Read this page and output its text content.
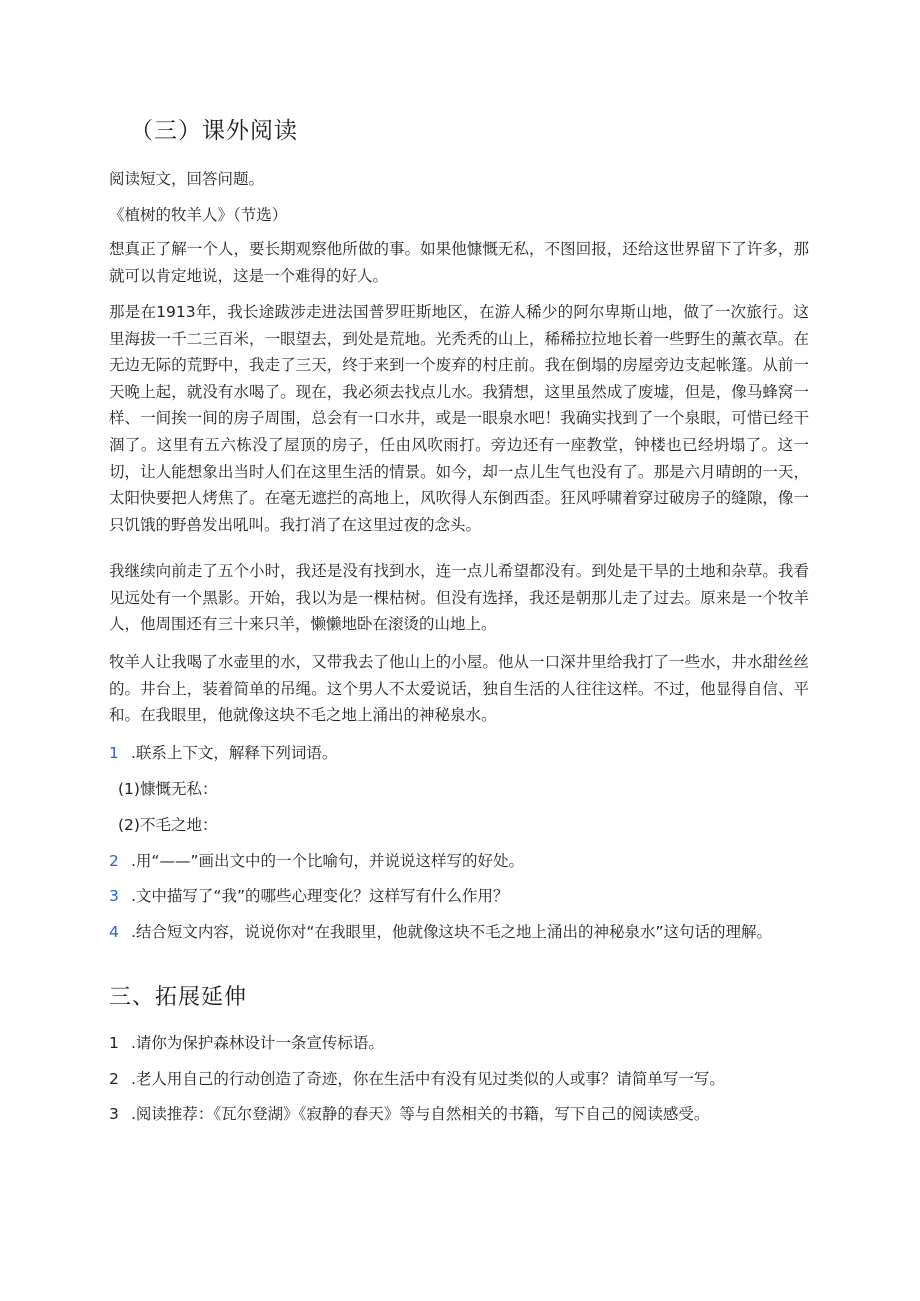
（三）课外阅读
阅读短文，回答问题。
《植树的牧羊人》（节选）
想真正了解一个人，要长期观察他所做的事。如果他慷慨无私，不图回报，还给这世界留下了许多，那就可以肯定地说，这是一个难得的好人。
那是在1913年，我长途跋涉走进法国普罗旺斯地区，在游人稀少的阿尔卑斯山地，做了一次旅行。这里海拔一千二三百米，一眼望去，到处是荒地。光秃秃的山上，稀稀拉拉地长着一些野生的薰衣草。在无边无际的荒野中，我走了三天，终于来到一个废弃的村庄前。我在倒塌的房屋旁边支起帐篷。从前一天晚上起，就没有水喝了。现在，我必须去找点儿水。我猜想，这里虽然成了废墟，但是，像马蜂窝一样、一间挨一间的房子周围，总会有一口水井，或是一眼泉水吧！我确实找到了一个泉眼，可惜已经干涸了。这里有五六栋没了屋顶的房子，任由风吹雨打。旁边还有一座教堂，钟楼也已经坍塌了。这一切，让人能想象出当时人们在这里生活的情景。如今，却一点儿生气也没有了。那是六月晴朗的一天，太阳快要把人烤焦了。在毫无遮拦的高地上，风吹得人东倒西歪。狂风呼啸着穿过破房子的缝隙，像一只饥饿的野兽发出吼叫。我打消了在这里过夜的念头。
我继续向前走了五个小时，我还是没有找到水，连一点儿希望都没有。到处是干旱的土地和杂草。我看见远处有一个黑影。开始，我以为是一棵枯树。但没有选择，我还是朝那儿走了过去。原来是一个牧羊人，他周围还有三十来只羊，懒懒地卧在滚烫的山地上。
牧羊人让我喝了水壶里的水，又带我去了他山上的小屋。他从一口深井里给我打了一些水，井水甜丝丝的。井台上，装着简单的吊绳。这个男人不太爱说话，独自生活的人往往这样。不过，他显得自信、平和。在我眼里，他就像这块不毛之地上涌出的神秘泉水。
1 .联系上下文，解释下列词语。
(1)慷慨无私：
(2)不毛之地：
2 .用“——”画出文中的一个比喻句，并说说这样写的好处。
3 .文中描写了“我”的哪些心理变化？这样写有什么作用？
4 .结合短文内容，说说你对“在我眼里，他就像这块不毛之地上涌出的神秘泉水”这句话的理解。
三、拓展延伸
1 .请你为保护森林设计一条宣传标语。
2 .老人用自己的行动创造了奇迹，你在生活中有没有见过类似的人或事？请简单写一写。
3 .阅读推荐：《瓦尔登湖》《寂静的春天》等与自然相关的书籍，写下自己的阅读感受。
